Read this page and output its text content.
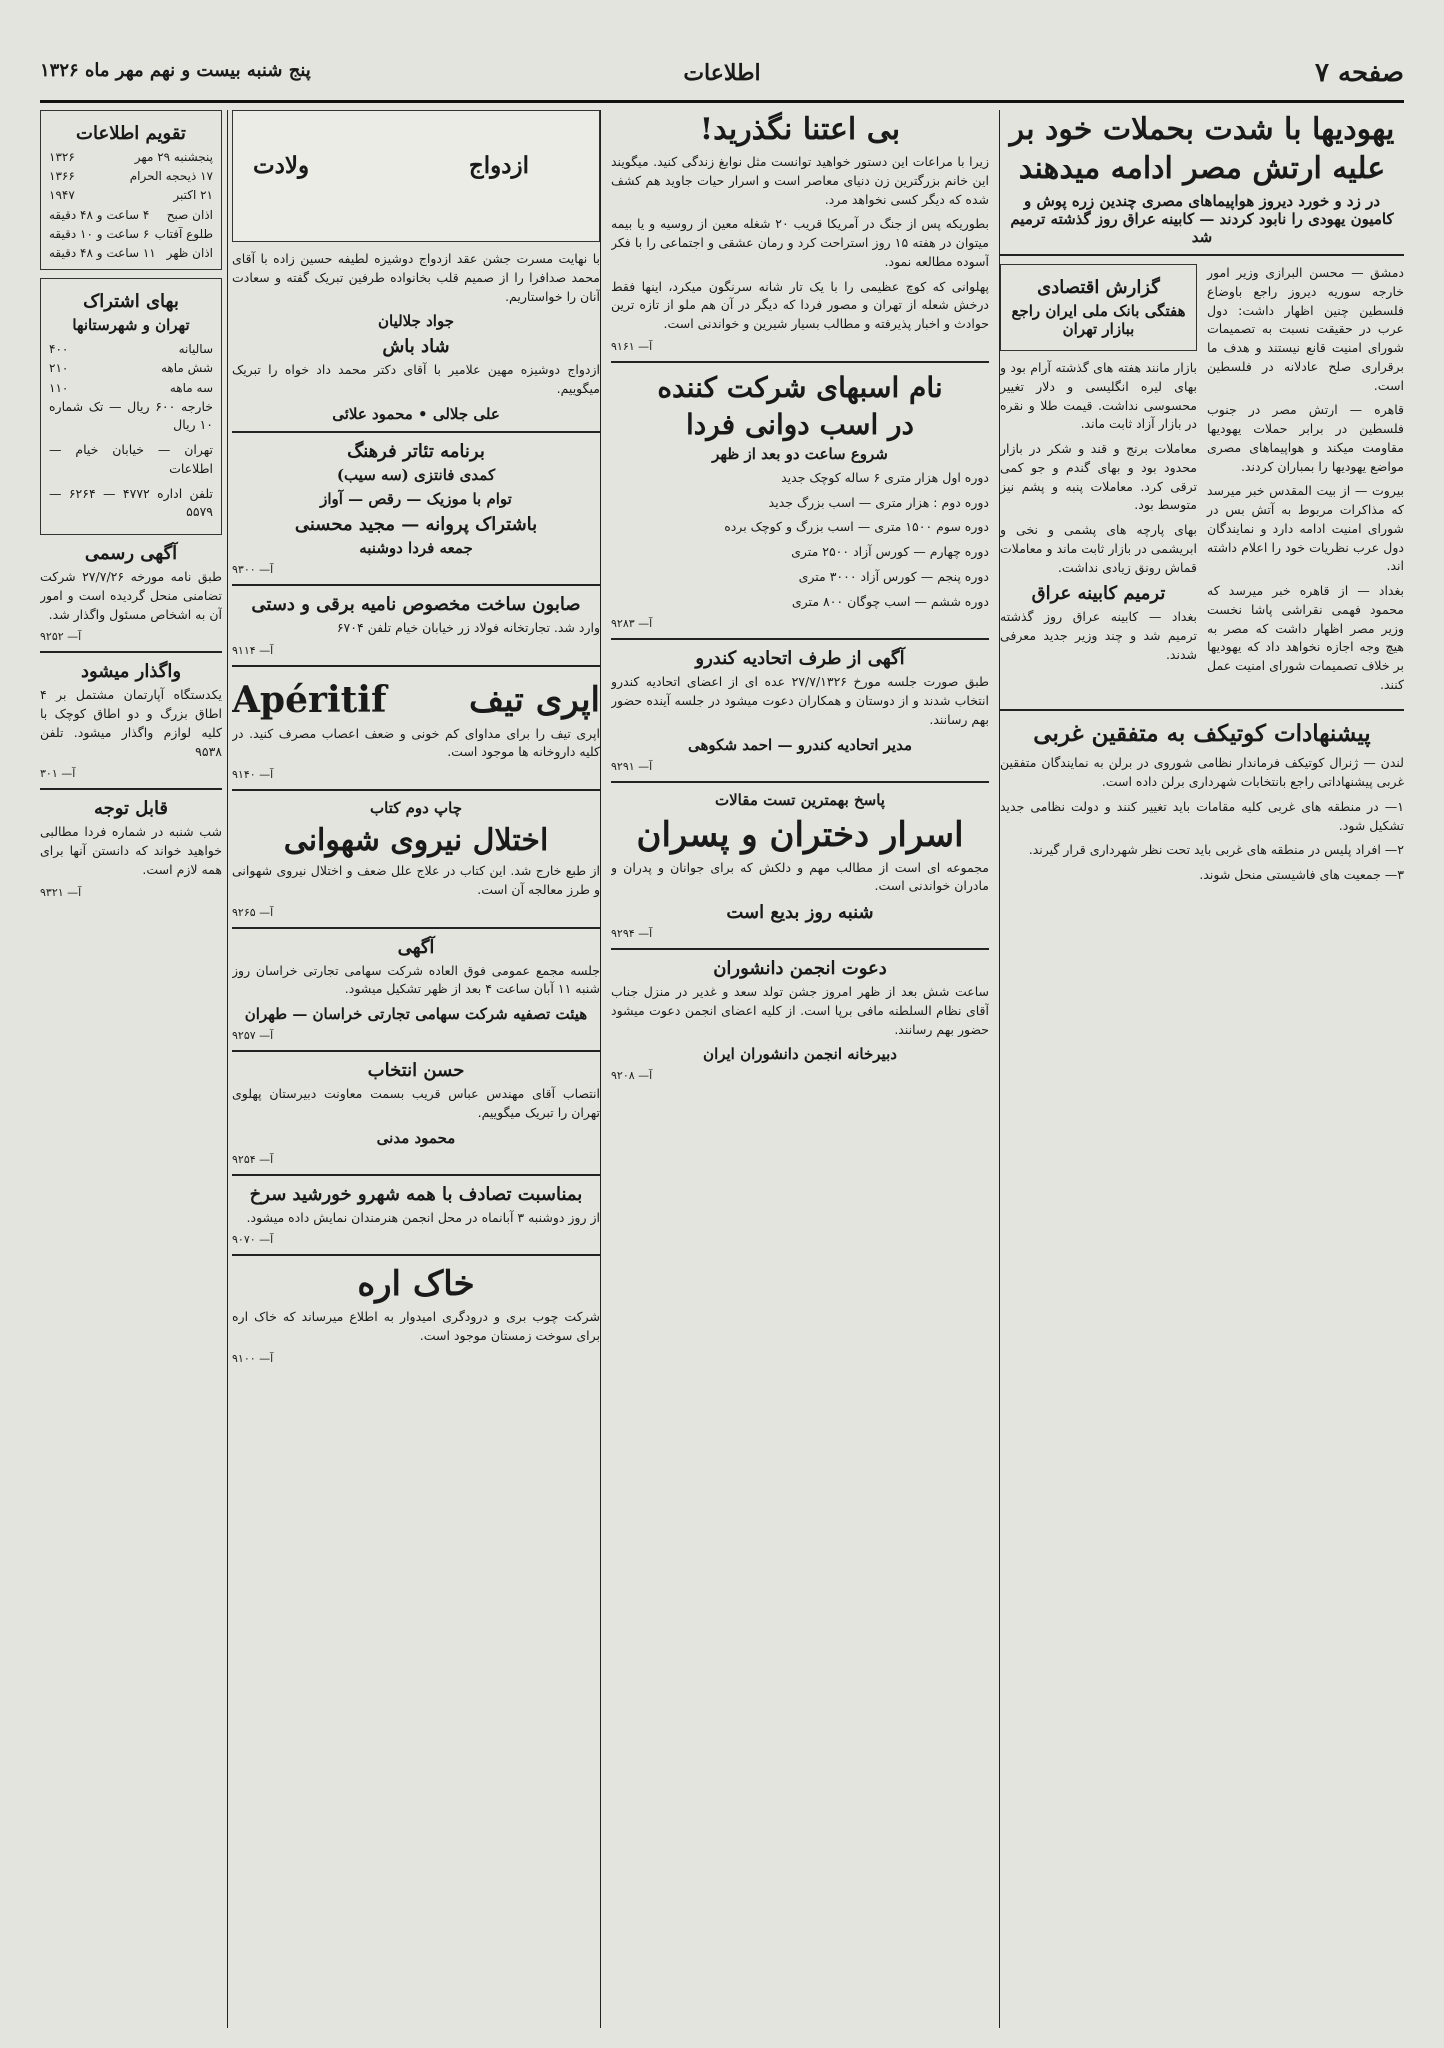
صفحه ۷
اطلاعات
پنج شنبه بیست و نهم مهر ماه ۱۳۲۶
یهودیها با شدت بحملات خود بر علیه ارتش مصر ادامه میدهند
در زد و خورد دیروز هواپیماهای مصری چندین زره پوش و کامیون یهودی را نابود کردند — کابینه عراق روز گذشته ترمیم شد

دمشق — محسن البرازی وزیر امور خارجه سوریه دیروز راجع باوضاع فلسطین چنین اظهار داشت: دول عرب در حقیقت نسبت به تصمیمات شورای امنیت قانع نیستند و هدف ما برقراری صلح عادلانه در فلسطین است.

قاهره — ارتش مصر در جنوب فلسطین در برابر حملات یهودیها مقاومت میکند و هواپیماهای مصری مواضع یهودیها را بمباران کردند.

بیروت — از بیت المقدس خبر میرسد که مذاکرات مربوط به آتش بس در شورای امنیت ادامه دارد و نمایندگان دول عرب نظریات خود را اعلام داشته اند.

بغداد — از قاهره خبر میرسد که محمود فهمی نقراشی پاشا نخست وزیر مصر اظهار داشت که مصر به هیچ وجه اجازه نخواهد داد که یهودیها بر خلاف تصمیمات شورای امنیت عمل کنند.

گزارش اقتصادی
هفتگی بانک ملی ایران راجع ببازار تهران

بازار مانند هفته های گذشته آرام بود و بهای لیره انگلیسی و دلار تغییر محسوسی نداشت. قیمت طلا و نقره در بازار آزاد ثابت ماند.

معاملات برنج و قند و شکر در بازار محدود بود و بهای گندم و جو کمی ترقی کرد. معاملات پنبه و پشم نیز متوسط بود.

بهای پارچه های پشمی و نخی و ابریشمی در بازار ثابت ماند و معاملات قماش رونق زیادی نداشت.

ترمیم کابینه عراق

بغداد — کابینه عراق روز گذشته ترمیم شد و چند وزیر جدید معرفی شدند.

پیشنهادات کوتیکف به متفقین غربی

لندن — ژنرال کوتیکف فرماندار نظامی شوروی در برلن به نمایندگان متفقین غربی پیشنهاداتی راجع بانتخابات شهرداری برلن داده است.

۱— در منطقه های غربی کلیه مقامات باید تغییر کنند و دولت نظامی جدید تشکیل شود.

۲— افراد پلیس در منطقه های غربی باید تحت نظر شهرداری قرار گیرند.

۳— جمعیت های فاشیستی منحل شوند.

بی اعتنا نگذرید!

زیرا با مراعات این دستور خواهید توانست مثل نوابغ زندگی کنید. میگویند این خانم بزرگترین زن دنیای معاصر است و اسرار حیات جاوید هم کشف شده که دیگر کسی نخواهد مرد.

بطوریکه پس از جنگ در آمریکا قریب ۲۰ شغله معین از روسیه و یا بیمه میتوان در هفته ۱۵ روز استراحت کرد و رمان عشقی و اجتماعی را با فکر آسوده مطالعه نمود.

پهلوانی که کوچ عظیمی را با یک تار شانه سرنگون میکرد، اینها فقط درخش شعله از تهران و مصور فردا که دیگر در آن هم ملو از تازه ترین حوادث و اخبار پذیرفته و مطالب بسیار شیرین و خواندنی است.

آ— ۹۱۶۱
نام اسبهای شرکت کننده
در اسب دوانی فردا
شروع ساعت دو بعد از ظهر

دوره اول هزار متری ۶ ساله کوچک جدید

دوره دوم : هزار متری — اسب بزرگ جدید

دوره سوم ۱۵۰۰ متری — اسب بزرگ و کوچک برده

دوره چهارم — کورس آزاد ۲۵۰۰ متری

دوره پنجم — کورس آزاد ۳۰۰۰ متری

دوره ششم — اسب چوگان ۸۰۰ متری

آ— ۹۲۸۳
آگهی از طرف اتحادیه کندرو

طبق صورت جلسه مورخ ۲۷/۷/۱۳۲۶ عده ای از اعضای اتحادیه کندرو انتخاب شدند و از دوستان و همکاران دعوت میشود در جلسه آینده حضور بهم رسانند.

مدیر اتحادیه کندرو — احمد شکوهی
آ— ۹۲۹۱
پاسخ بهمترین تست مقالات
اسرار دختران و پسران

مجموعه ای است از مطالب مهم و دلکش که برای جوانان و پدران و مادران خواندنی است.

شنبه روز بدیع است
آ— ۹۲۹۴
دعوت انجمن دانشوران

ساعت شش بعد از ظهر امروز جشن تولد سعد و غدیر در منزل جناب آقای نظام السلطنه مافی برپا است. از کلیه اعضای انجمن دعوت میشود حضور بهم رسانند.

دبیرخانه انجمن دانشوران ایران
آ— ۹۲۰۸
ازدواج
ولادت

با نهایت مسرت جشن عقد ازدواج دوشیزه لطیفه حسین زاده با آقای محمد صدافرا را از صمیم قلب بخانواده طرفین تبریک گفته و سعادت آنان را خواستاریم.

جواد جلالیان
شاد باش

ازدواج دوشیزه مهین علامیر با آقای دکتر محمد داد خواه را تبریک میگوییم.

علی جلالی • محمود علائی
برنامه تئاتر فرهنگ
کمدی فانتزی (سه سیب)
توام با موزیک — رقص — آواز
باشتراک پروانه — مجید محسنی
جمعه فردا دوشنبه
آ— ۹۳۰۰
صابون ساخت مخصوص نامیه برقی و دستی

وارد شد. تجارتخانه فولاد زر خیابان خیام تلفن ۶۷۰۴

آ— ۹۱۱۴
اپری تیف
Apéritif

اپری تیف را برای مداوای کم خونی و ضعف اعصاب مصرف کنید. در کلیه داروخانه ها موجود است.

آ— ۹۱۴۰
چاپ دوم کتاب
اختلال نیروی شهوانی

از طبع خارج شد. این کتاب در علاج علل ضعف و اختلال نیروی شهوانی و طرز معالجه آن است.

آ— ۹۲۶۵
آگهی

جلسه مجمع عمومی فوق العاده شرکت سهامی تجارتی خراسان روز شنبه ۱۱ آبان ساعت ۴ بعد از ظهر تشکیل میشود.

هیئت تصفیه شرکت سهامی تجارتی خراسان — طهران
آ— ۹۲۵۷
حسن انتخاب

انتصاب آقای مهندس عباس قریب بسمت معاونت دبیرستان پهلوی تهران را تبریک میگوییم.

محمود مدنی
آ— ۹۲۵۴
بمناسبت تصادف با همه شهرو خورشید سرخ

از روز دوشنبه ۳ آبانماه در محل انجمن هنرمندان نمایش داده میشود.

آ— ۹۰۷۰
خاک اره

شرکت چوب بری و درودگری امیدوار به اطلاع میرساند که خاک اره برای سوخت زمستان موجود است.

آ— ۹۱۰۰
تقویم اطلاعات
پنجشنبه ۲۹ مهر
۱۳۲۶
۱۷ ذیحجه الحرام
۱۳۶۶
۲۱ اکتبر
۱۹۴۷
اذان صبح
۴ ساعت و ۴۸ دقیقه
طلوع آفتاب
۶ ساعت و ۱۰ دقیقه
اذان ظهر
۱۱ ساعت و ۴۸ دقیقه
بهای اشتراک
تهران و شهرستانها
سالیانه
۴۰۰
شش ماهه
۲۱۰
سه ماهه
۱۱۰

خارجه ۶۰۰ ریال — تک شماره ۱۰ ریال

تهران — خیابان خیام — اطلاعات

تلفن اداره ۴۷۷۲ — ۶۲۶۴ — ۵۵۷۹

آگهی رسمی

طبق نامه مورخه ۲۷/۷/۲۶ شرکت تضامنی منحل گردیده است و امور آن به اشخاص مسئول واگذار شد.

آ— ۹۲۵۲
واگذار میشود

یکدستگاه آپارتمان مشتمل بر ۴ اطاق بزرگ و دو اطاق کوچک با کلیه لوازم واگذار میشود. تلفن ۹۵۳۸

آ— ۳۰۱
قابل توجه

شب شنبه در شماره فردا مطالبی خواهید خواند که دانستن آنها برای همه لازم است.

آ— ۹۳۲۱
